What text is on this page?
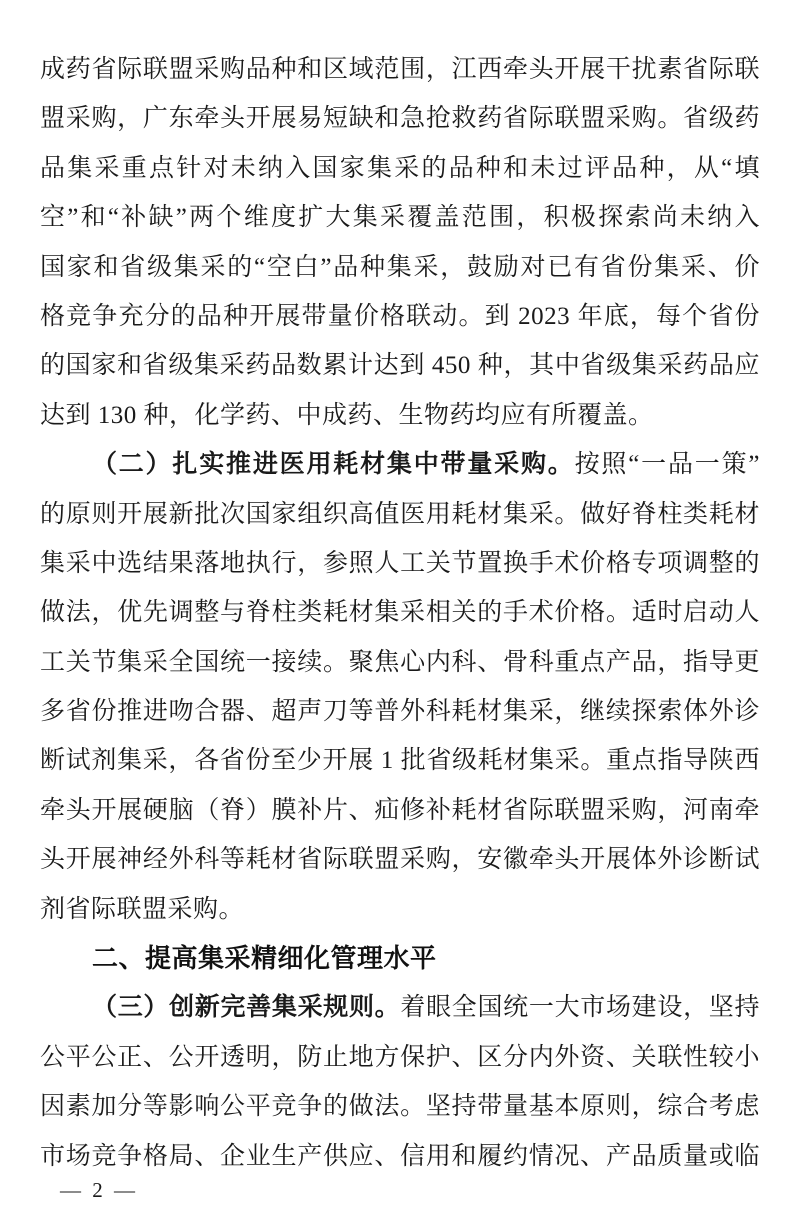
成药省际联盟采购品种和区域范围，江西牵头开展干扰素省际联
盟采购，广东牵头开展易短缺和急抢救药省际联盟采购。省级药
品集采重点针对未纳入国家集采的品种和未过评品种，从“填
空”和“补缺”两个维度扩大集采覆盖范围，积极探索尚未纳入
国家和省级集采的“空白”品种集采，鼓励对已有省份集采、价
格竞争充分的品种开展带量价格联动。到 2023 年底，每个省份
的国家和省级集采药品数累计达到 450 种，其中省级集采药品应
达到 130 种，化学药、中成药、生物药均应有所覆盖。
（二）扎实推进医用耗材集中带量采购。按照“一品一策”
的原则开展新批次国家组织高值医用耗材集采。做好脊柱类耗材
集采中选结果落地执行，参照人工关节置换手术价格专项调整的
做法，优先调整与脊柱类耗材集采相关的手术价格。适时启动人
工关节集采全国统一接续。聚焦心内科、骨科重点产品，指导更
多省份推进吻合器、超声刀等普外科耗材集采，继续探索体外诊
断试剂集采，各省份至少开展 1 批省级耗材集采。重点指导陕西
牵头开展硬脑（脊）膜补片、疝修补耗材省际联盟采购，河南牵
头开展神经外科等耗材省际联盟采购，安徽牵头开展体外诊断试
剂省际联盟采购。
二、提高集采精细化管理水平
（三）创新完善集采规则。着眼全国统一大市场建设，坚持
公平公正、公开透明，防止地方保护、区分内外资、关联性较小
因素加分等影响公平竞争的做法。坚持带量基本原则，综合考虑
市场竞争格局、企业生产供应、信用和履约情况、产品质量或临
— 2 —
